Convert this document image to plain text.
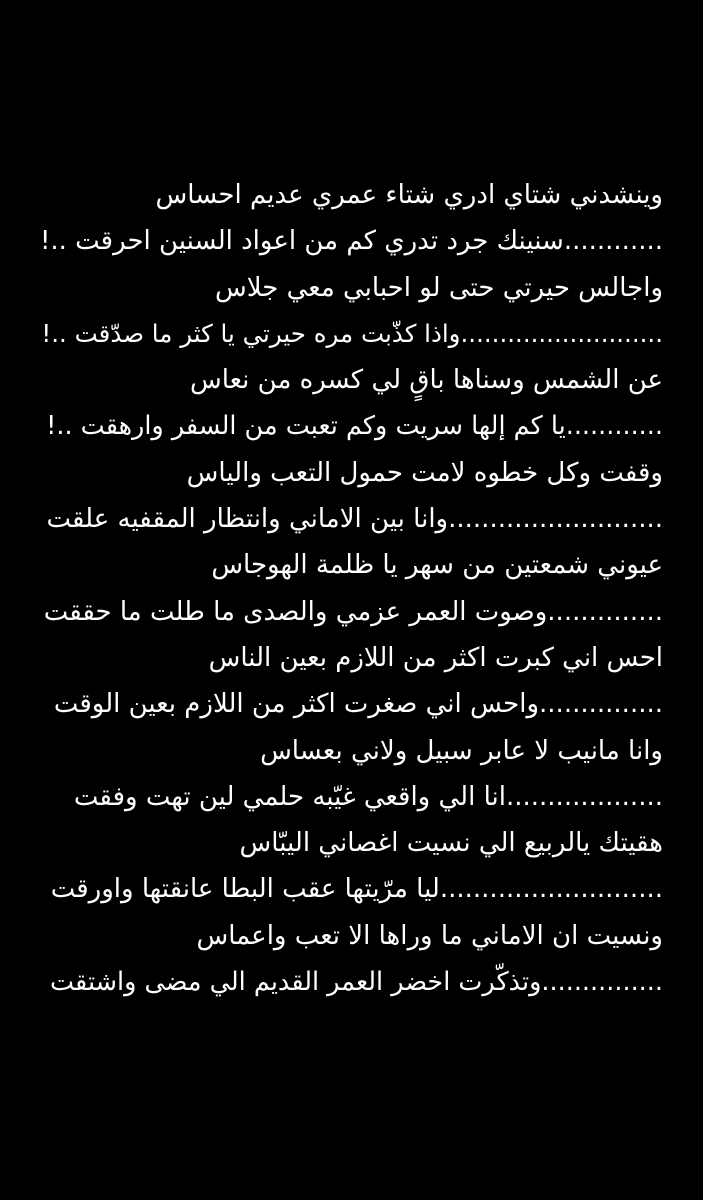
وينشدني شتاي ادري شتاء عمري عديم احساس
............سنينك جرد تدري كم من اعواد السنين احرقت ..!
واجالس حيرتي حتى لو احبابي معي جلاس
..........................واذا كذّبت مره حيرتي يا كثر ما صدّقت ..!
عن الشمس وسناها باقٍ لي كسره من نعاس
............يا كم إلها سريت وكم تعبت من السفر وارهقت ..!
وقفت وكل خطوه لامت حمول التعب والياس
..........................وانا بين الاماني وانتظار المقفيه علقت
عيوني شمعتين من سهر يا ظلمة الهوجاس
..............وصوت العمر عزمي والصدى ما طلت ما حققت
احس اني كبرت اكثر من اللازم بعين الناس
...............واحس اني صغرت اكثر من اللازم بعين الوقت
وانا مانيب لا عابر سبيل ولاني بعساس
...................انا الي واقعي غيّبه حلمي لين تهت وفقت
هقيتك يالربيع الي نسيت اغصاني اليبّاس
...........................ليا مرّيتها عقب البطا عانقتها واورقت
ونسيت ان الاماني ما وراها الا تعب واعماس
...............وتذكّرت اخضر العمر القديم الي مضى واشتقت
